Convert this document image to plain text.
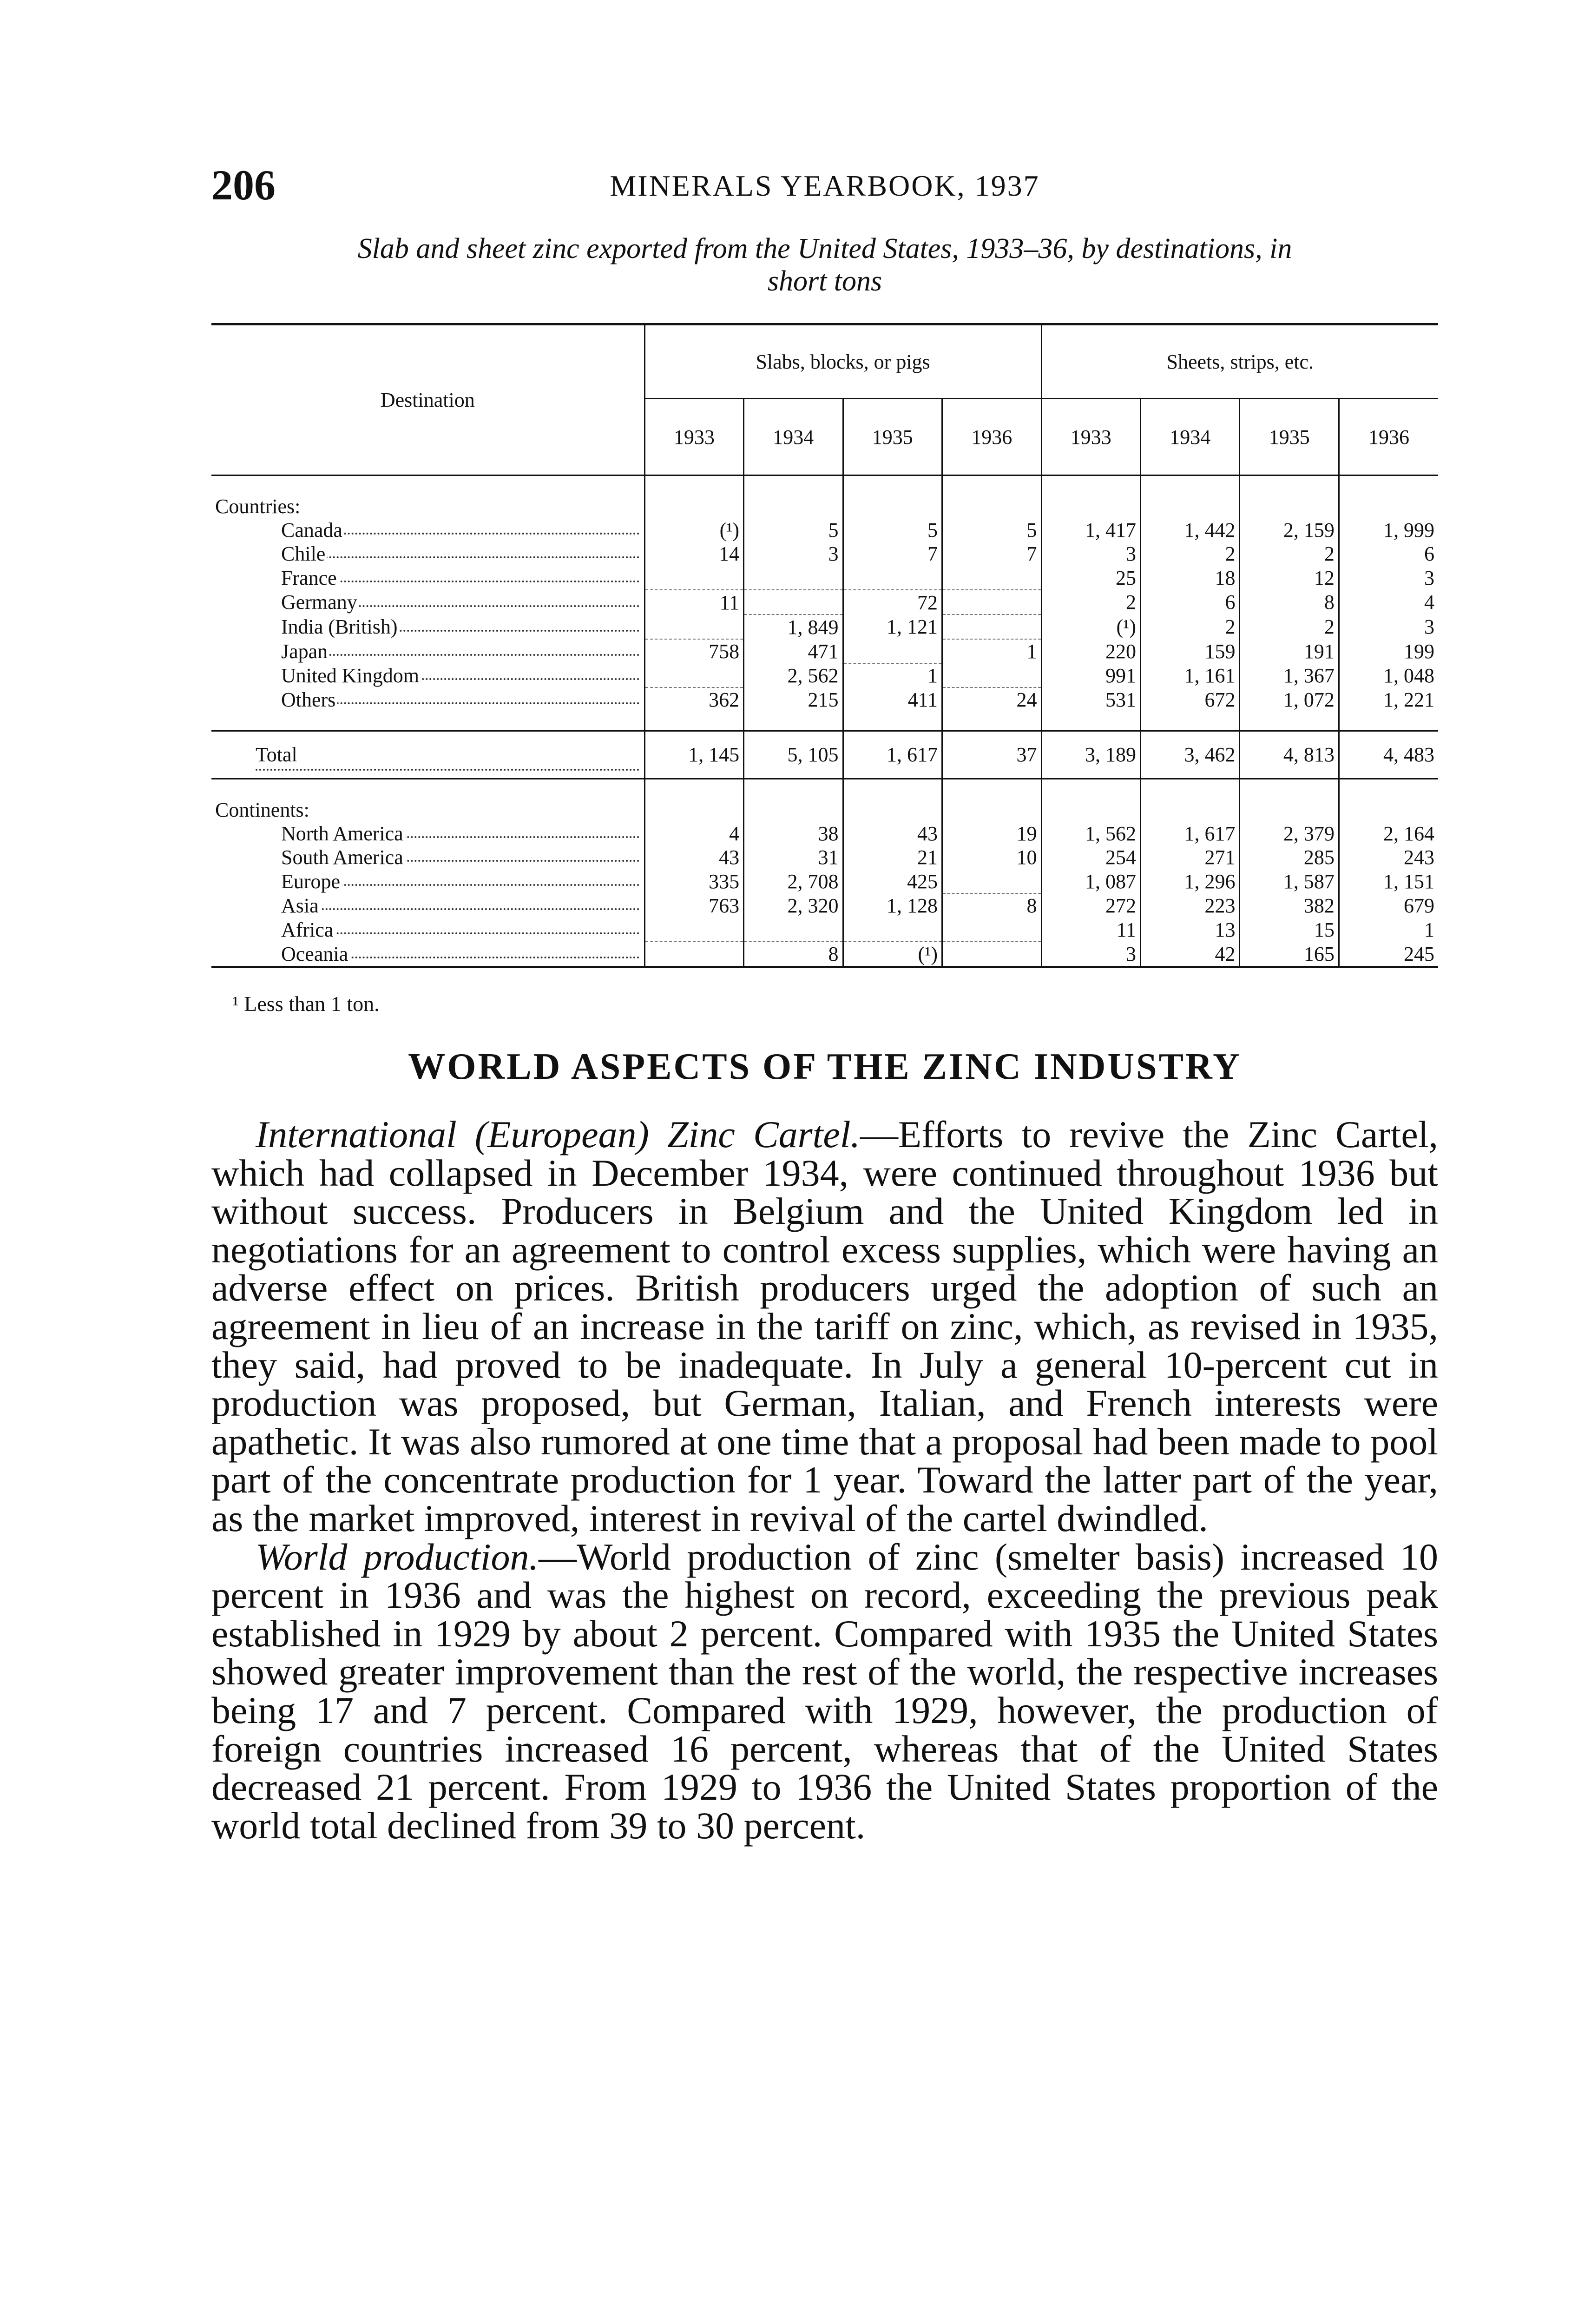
206	MINERALS YEARBOOK, 1937
Slab and sheet zinc exported from the United States, 1933–36, by destinations, in
short tons
Destination	Slabs, blocks, or pigs				Sheets, strips, etc.			
	1933	1934	1935	1936	1933	1934	1935	1936

Countries:								

Canada	(¹)	5	5	5	1, 417	1, 442	2, 159	1, 999

Chile	14	3	7	7	3	2	2	6

France					25	18	12	3

Germany	11		72		2	6	8	4

India (British)		1, 849	1, 121		(¹)	2	2	3

Japan	758	471		1	220	159	191	199

United Kingdom		2, 562	1		991	1, 161	1, 367	1, 048

Others	362	215	411	24	531	672	1, 072	1, 221

Total	1, 145	5, 105	1, 617	37	3, 189	3, 462	4, 813	4, 483

Continents:								

North America	4	38	43	19	1, 562	1, 617	2, 379	2, 164

South America	43	31	21	10	254	271	285	243

Europe	335	2, 708	425		1, 087	1, 296	1, 587	1, 151

Asia	763	2, 320	1, 128	8	272	223	382	679

Africa					11	13	15	1

Oceania		8	(¹)		3	42	165	245
¹ Less than 1 ton.
WORLD ASPECTS OF THE ZINC INDUSTRY

International (European) Zinc Cartel.—Efforts to revive the Zinc Cartel, which had collapsed in December 1934, were continued throughout 1936 but without success. Producers in Belgium and the United Kingdom led in negotiations for an agreement to control excess supplies, which were having an adverse effect on prices. British producers urged the adoption of such an agreement in lieu of an increase in the tariff on zinc, which, as revised in 1935, they said, had proved to be inadequate. In July a general 10-percent cut in production was proposed, but German, Italian, and French interests were apathetic. It was also rumored at one time that a proposal had been made to pool part of the concentrate production for 1 year. Toward the latter part of the year, as the market improved, interest in revival of the cartel dwindled.

World production.—World production of zinc (smelter basis) increased 10 percent in 1936 and was the highest on record, exceeding the previous peak established in 1929 by about 2 percent. Compared with 1935 the United States showed greater improvement than the rest of the world, the respective increases being 17 and 7 percent. Compared with 1929, however, the production of foreign countries increased 16 percent, whereas that of the United States decreased 21 percent. From 1929 to 1936 the United States proportion of the world total declined from 39 to 30 percent.
